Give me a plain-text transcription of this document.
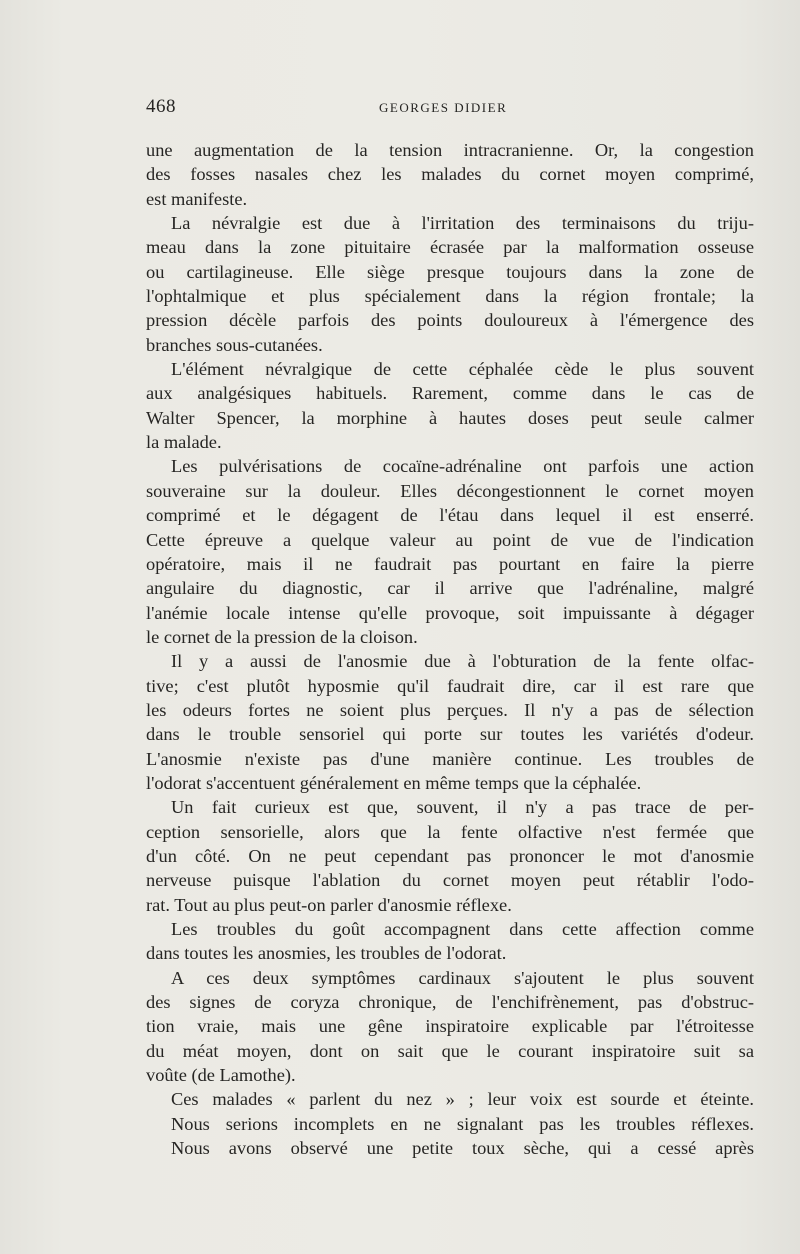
468	GEORGES DIDIER
une augmentation de la tension intracranienne. Or, la congestion
des fosses nasales chez les malades du cornet moyen comprimé,
est manifeste.
La névralgie est due à l'irritation des terminaisons du triju-
meau dans la zone pituitaire écrasée par la malformation osseuse
ou cartilagineuse. Elle siège presque toujours dans la zone de
l'ophtalmique et plus spécialement dans la région frontale; la
pression décèle parfois des points douloureux à l'émergence des
branches sous-cutanées.
L'élément névralgique de cette céphalée cède le plus souvent
aux analgésiques habituels. Rarement, comme dans le cas de
Walter Spencer, la morphine à hautes doses peut seule calmer
la malade.
Les pulvérisations de cocaïne-adrénaline ont parfois une action
souveraine sur la douleur. Elles décongestionnent le cornet moyen
comprimé et le dégagent de l'étau dans lequel il est enserré.
Cette épreuve a quelque valeur au point de vue de l'indication
opératoire, mais il ne faudrait pas pourtant en faire la pierre
angulaire du diagnostic, car il arrive que l'adrénaline, malgré
l'anémie locale intense qu'elle provoque, soit impuissante à dégager
le cornet de la pression de la cloison.
Il y a aussi de l'anosmie due à l'obturation de la fente olfac-
tive; c'est plutôt hyposmie qu'il faudrait dire, car il est rare que
les odeurs fortes ne soient plus perçues. Il n'y a pas de sélection
dans le trouble sensoriel qui porte sur toutes les variétés d'odeur.
L'anosmie n'existe pas d'une manière continue. Les troubles de
l'odorat s'accentuent généralement en même temps que la céphalée.
Un fait curieux est que, souvent, il n'y a pas trace de per-
ception sensorielle, alors que la fente olfactive n'est fermée que
d'un côté. On ne peut cependant pas prononcer le mot d'anosmie
nerveuse puisque l'ablation du cornet moyen peut rétablir l'odo-
rat. Tout au plus peut-on parler d'anosmie réflexe.
Les troubles du goût accompagnent dans cette affection comme
dans toutes les anosmies, les troubles de l'odorat.
A ces deux symptômes cardinaux s'ajoutent le plus souvent
des signes de coryza chronique, de l'enchifrènement, pas d'obstruc-
tion vraie, mais une gêne inspiratoire explicable par l'étroitesse
du méat moyen, dont on sait que le courant inspiratoire suit sa
voûte (de Lamothe).
Ces malades « parlent du nez » ; leur voix est sourde et éteinte.
Nous serions incomplets en ne signalant pas les troubles réflexes.
Nous avons observé une petite toux sèche, qui a cessé après
